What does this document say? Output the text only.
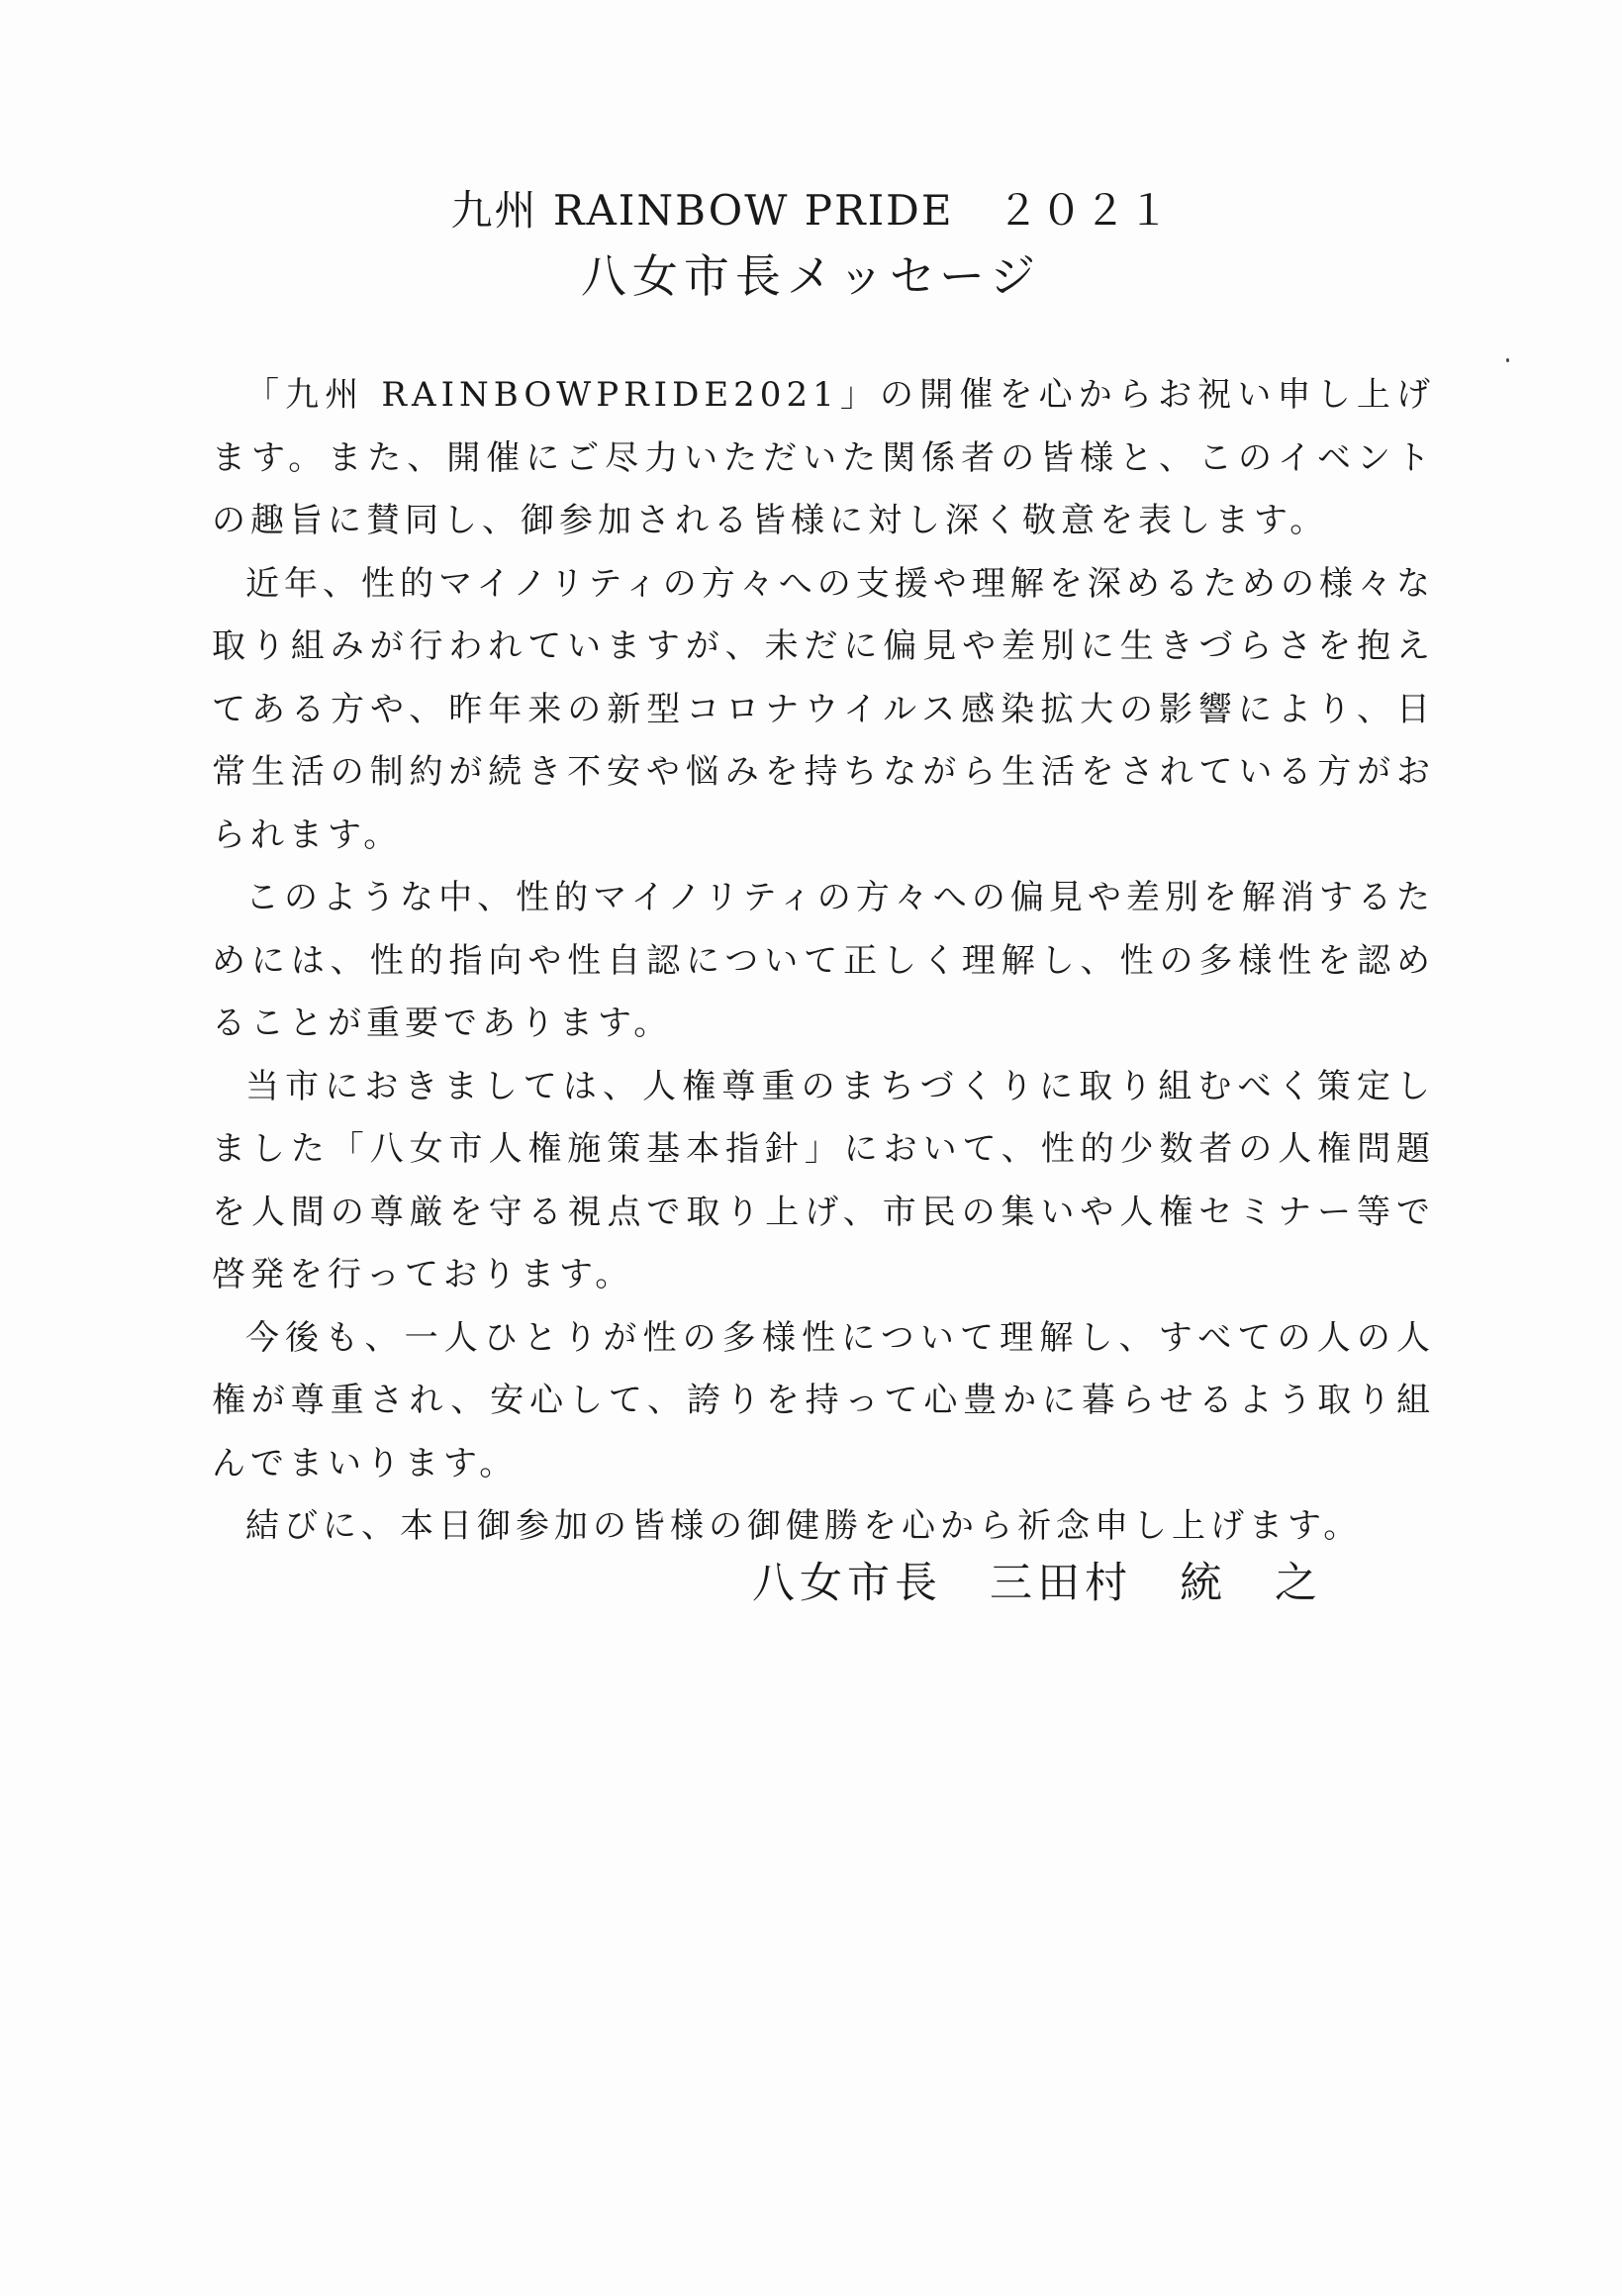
九州 RAINBOW PRIDE　２０２１
八女市長メッセージ

「九州 RAINBOWPRIDE2021」の開催を心からお祝い申し上げます。また、開催にご尽力いただいた関係者の皆様と、このイベントの趣旨に賛同し、御参加される皆様に対し深く敬意を表します。

近年、性的マイノリティの方々への支援や理解を深めるための様々な取り組みが行われていますが、未だに偏見や差別に生きづらさを抱えてある方や、昨年来の新型コロナウイルス感染拡大の影響により、日常生活の制約が続き不安や悩みを持ちながら生活をされている方がおられます。

このような中、性的マイノリティの方々への偏見や差別を解消するためには、性的指向や性自認について正しく理解し、性の多様性を認めることが重要であります。

当市におきましては、人権尊重のまちづくりに取り組むべく策定しました「八女市人権施策基本指針」において、性的少数者の人権問題を人間の尊厳を守る視点で取り上げ、市民の集いや人権セミナー等で啓発を行っております。

今後も、一人ひとりが性の多様性について理解し、すべての人の人権が尊重され、安心して、誇りを持って心豊かに暮らせるよう取り組んでまいります。

結びに、本日御参加の皆様の御健勝を心から祈念申し上げます。

八女市長　三田村　統　之
